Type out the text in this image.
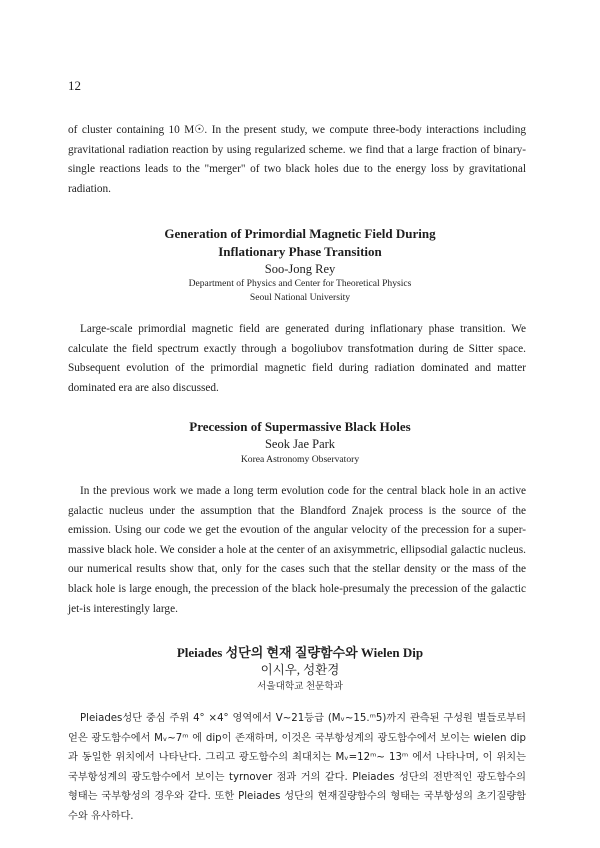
12

of cluster containing 10 M☉. In the present study, we compute three-body interactions including gravitational radiation reaction by using regularized scheme. we find that a large fraction of binary-single reactions leads to the "merger" of two black holes due to the energy loss by gravitational radiation.

Generation of Primordial Magnetic Field During
Inflationary Phase Transition
Soo-Jong Rey
Department of Physics and Center for Theoretical Physics
Seoul National University

Large-scale primordial magnetic field are generated during inflationary phase transition. We calculate the field spectrum exactly through a bogoliubov transfotmation during de Sitter space. Subsequent evolution of the primordial magnetic field during radiation dominated and matter dominated era are also discussed.

Precession of Supermassive Black Holes
Seok Jae Park
Korea Astronomy Observatory

In the previous work we made a long term evolution code for the central black hole in an active galactic nucleus under the assumption that the Blandford Znajek process is the source of the emission. Using our code we get the evoution of the angular velocity of the precession for a super-massive black hole. We consider a hole at the center of an axisymmetric, ellipsodial galactic nucleus. our numerical results show that, only for the cases such that the stellar density or the mass of the black hole is large enough, the precession of the black hole-presumaly the precession of the galactic jet-is interestingly large.

Pleiades 성단의 현재 질량함수와 Wielen Dip
이시우, 성환경
서울대학교 천문학과

Pleiades성단 중심 주위 4° ×4° 영역에서 V~21등급 (Mᵥ~15.ᵐ5)까지 관측된 구성원 별들로부터 얻은 광도함수에서 Mᵥ~7ᵐ 에 dip이 존재하며, 이것은 국부항성계의 광도함수에서 보이는 wielen dip과 동일한 위치에서 나타난다. 그리고 광도함수의 최대치는 Mᵥ=12ᵐ~ 13ᵐ 에서 나타나며, 이 위치는 국부항성계의 광도함수에서 보이는 tyrnover 점과 거의 같다. Pleiades 성단의 전반적인 광도함수의 형태는 국부항성의 경우와 같다. 또한 Pleiades 성단의 현재질량함수의 형태는 국부항성의 초기질량함수와 유사하다.
